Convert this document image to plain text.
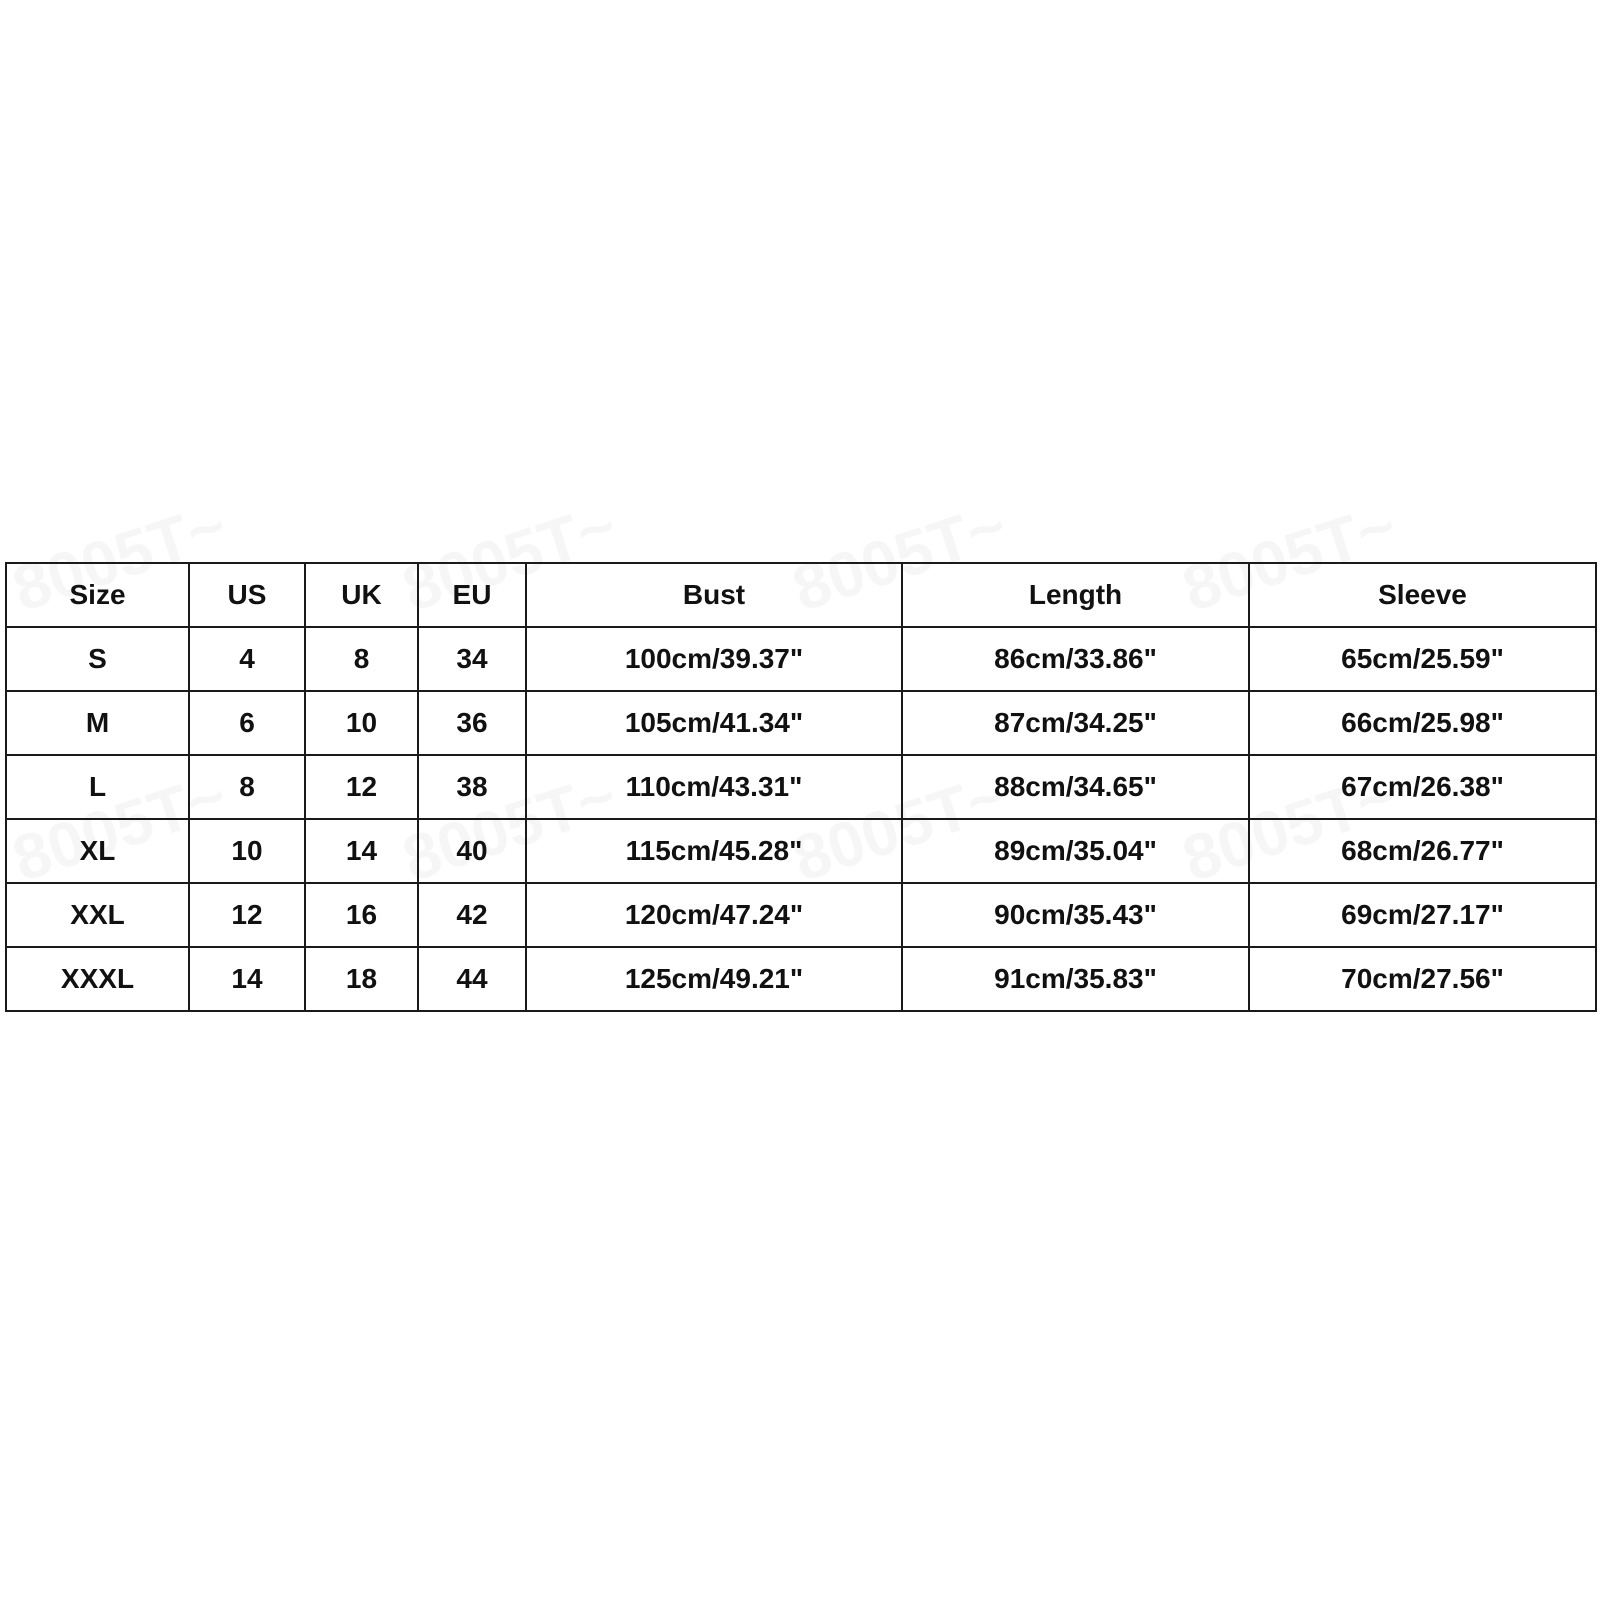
Size	US	UK	EU	Bust	Length	Sleeve
S	4	8	34	100cm/39.37"	86cm/33.86"	65cm/25.59"
M	6	10	36	105cm/41.34"	87cm/34.25"	66cm/25.98"
L	8	12	38	110cm/43.31"	88cm/34.65"	67cm/26.38"
XL	10	14	40	115cm/45.28"	89cm/35.04"	68cm/26.77"
XXL	12	16	42	120cm/47.24"	90cm/35.43"	69cm/27.17"
XXXL	14	18	44	125cm/49.21"	91cm/35.83"	70cm/27.56"
